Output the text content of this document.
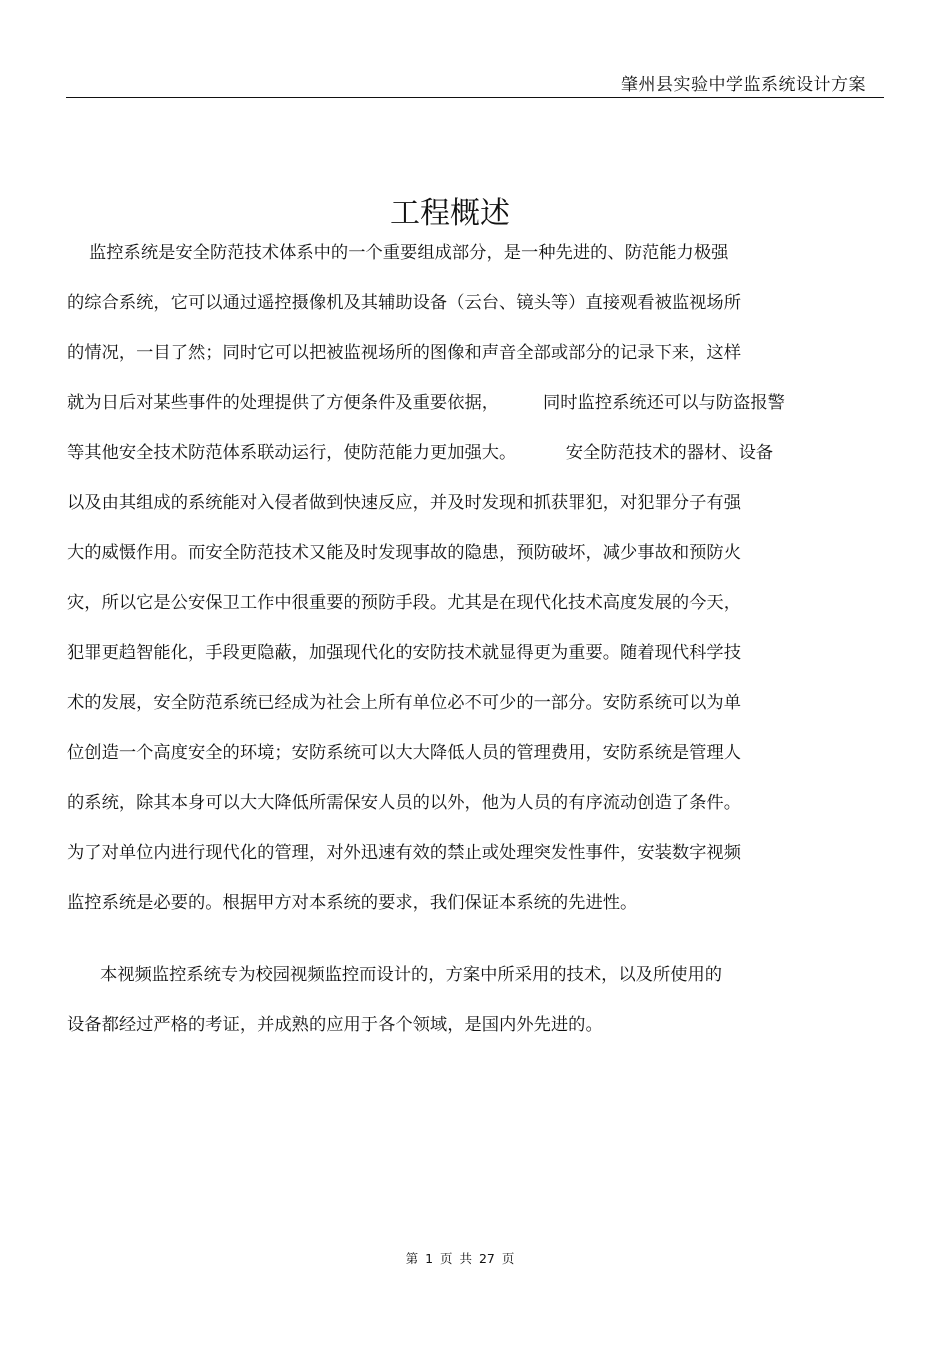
肇州县实验中学监系统设计方案
工程概述
监控系统是安全防范技术体系中的一个重要组成部分，是一种先进的、防范能力极强
的综合系统，它可以通过遥控摄像机及其辅助设备（云台、镜头等）直接观看被监视场所
的情况，一目了然；同时它可以把被监视场所的图像和声音全部或部分的记录下来，这样
就为日后对某些事件的处理提供了方便条件及重要依据，        同时监控系统还可以与防盗报警
等其他安全技术防范体系联动运行，使防范能力更加强大。         安全防范技术的器材、设备
以及由其组成的系统能对入侵者做到快速反应，并及时发现和抓获罪犯，对犯罪分子有强
大的威慑作用。而安全防范技术又能及时发现事故的隐患，预防破坏，减少事故和预防火
灾，所以它是公安保卫工作中很重要的预防手段。尤其是在现代化技术高度发展的今天，
犯罪更趋智能化，手段更隐蔽，加强现代化的安防技术就显得更为重要。随着现代科学技
术的发展，安全防范系统已经成为社会上所有单位必不可少的一部分。安防系统可以为单
位创造一个高度安全的环境；安防系统可以大大降低人员的管理费用，安防系统是管理人
的系统，除其本身可以大大降低所需保安人员的以外，他为人员的有序流动创造了条件。
为了对单位内进行现代化的管理，对外迅速有效的禁止或处理突发性事件，安装数字视频
监控系统是必要的。根据甲方对本系统的要求，我们保证本系统的先进性。
本视频监控系统专为校园视频监控而设计的，方案中所采用的技术，以及所使用的
设备都经过严格的考证，并成熟的应用于各个领域，是国内外先进的。
第 1 页 共 27 页
